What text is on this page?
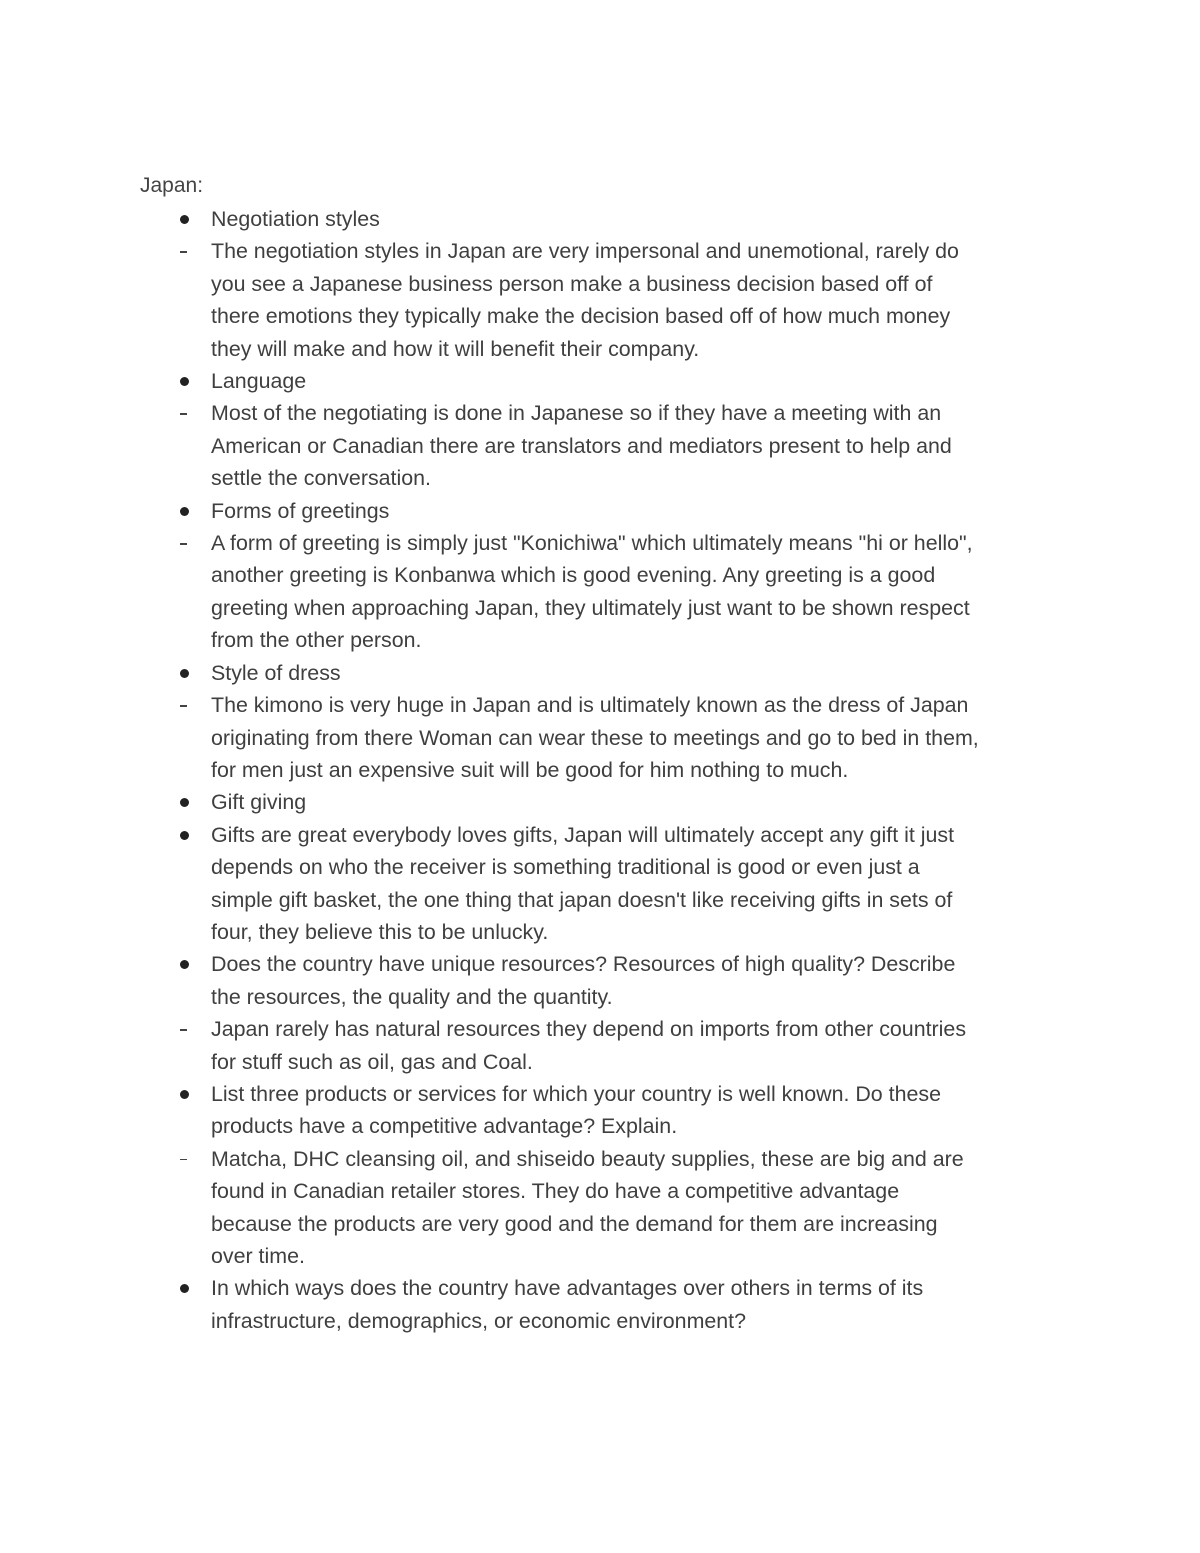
Japan:
Negotiation styles
The negotiation styles in Japan are very impersonal and unemotional, rarely do
you see a Japanese business person make a business decision based off of
there emotions they typically make the decision based off of how much money
they will make and how it will benefit their company.
Language
Most of the negotiating is done in Japanese so if they have a meeting with an
American or Canadian there are translators and mediators present to help and
settle the conversation.
Forms of greetings
A form of greeting is simply just "Konichiwa" which ultimately means "hi or hello",
another greeting is Konbanwa which is good evening. Any greeting is a good
greeting when approaching Japan, they ultimately just want to be shown respect
from the other person.
Style of dress
The kimono is very huge in Japan and is ultimately known as the dress of Japan
originating from there Woman can wear these to meetings and go to bed in them,
for men just an expensive suit will be good for him nothing to much.
Gift giving
Gifts are great everybody loves gifts, Japan will ultimately accept any gift it just
depends on who the receiver is something traditional is good or even just a
simple gift basket, the one thing that japan doesn't like receiving gifts in sets of
four, they believe this to be unlucky.
Does the country have unique resources? Resources of high quality? Describe
the resources, the quality and the quantity.
Japan rarely has natural resources they depend on imports from other countries
for stuff such as oil, gas and Coal.
List three products or services for which your country is well known. Do these
products have a competitive advantage? Explain.
Matcha, DHC cleansing oil, and shiseido beauty supplies, these are big and are
found in Canadian retailer stores. They do have a competitive advantage
because the products are very good and the demand for them are increasing
over time.
In which ways does the country have advantages over others in terms of its
infrastructure, demographics, or economic environment?
